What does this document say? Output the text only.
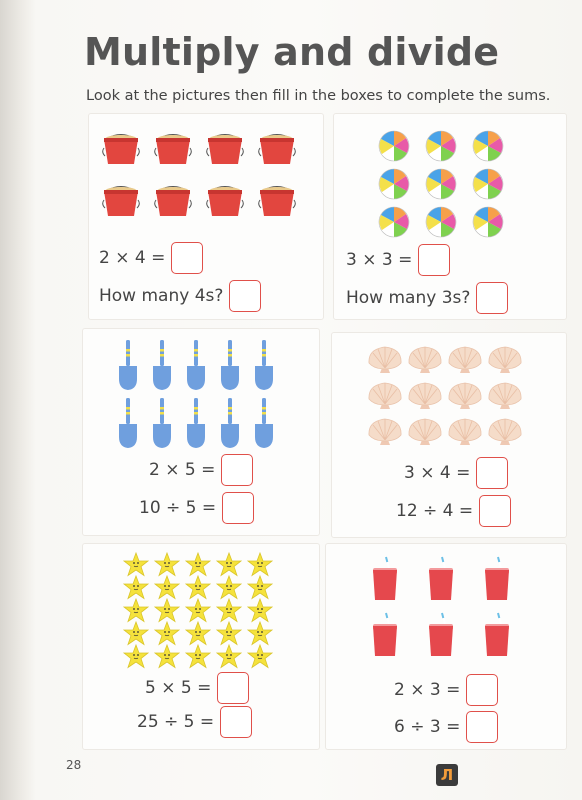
Multiply and divide

Look at the pictures then fill in the boxes to complete the sums.

2 × 4 =
How many 4s?
3 × 3 =
How many 3s?
2 × 5 =
10 ÷ 5 =
3 × 4 =
12 ÷ 4 =
5 × 5 =
25 ÷ 5 =
2 × 3 =
6 ÷ 3 =
28
Л
